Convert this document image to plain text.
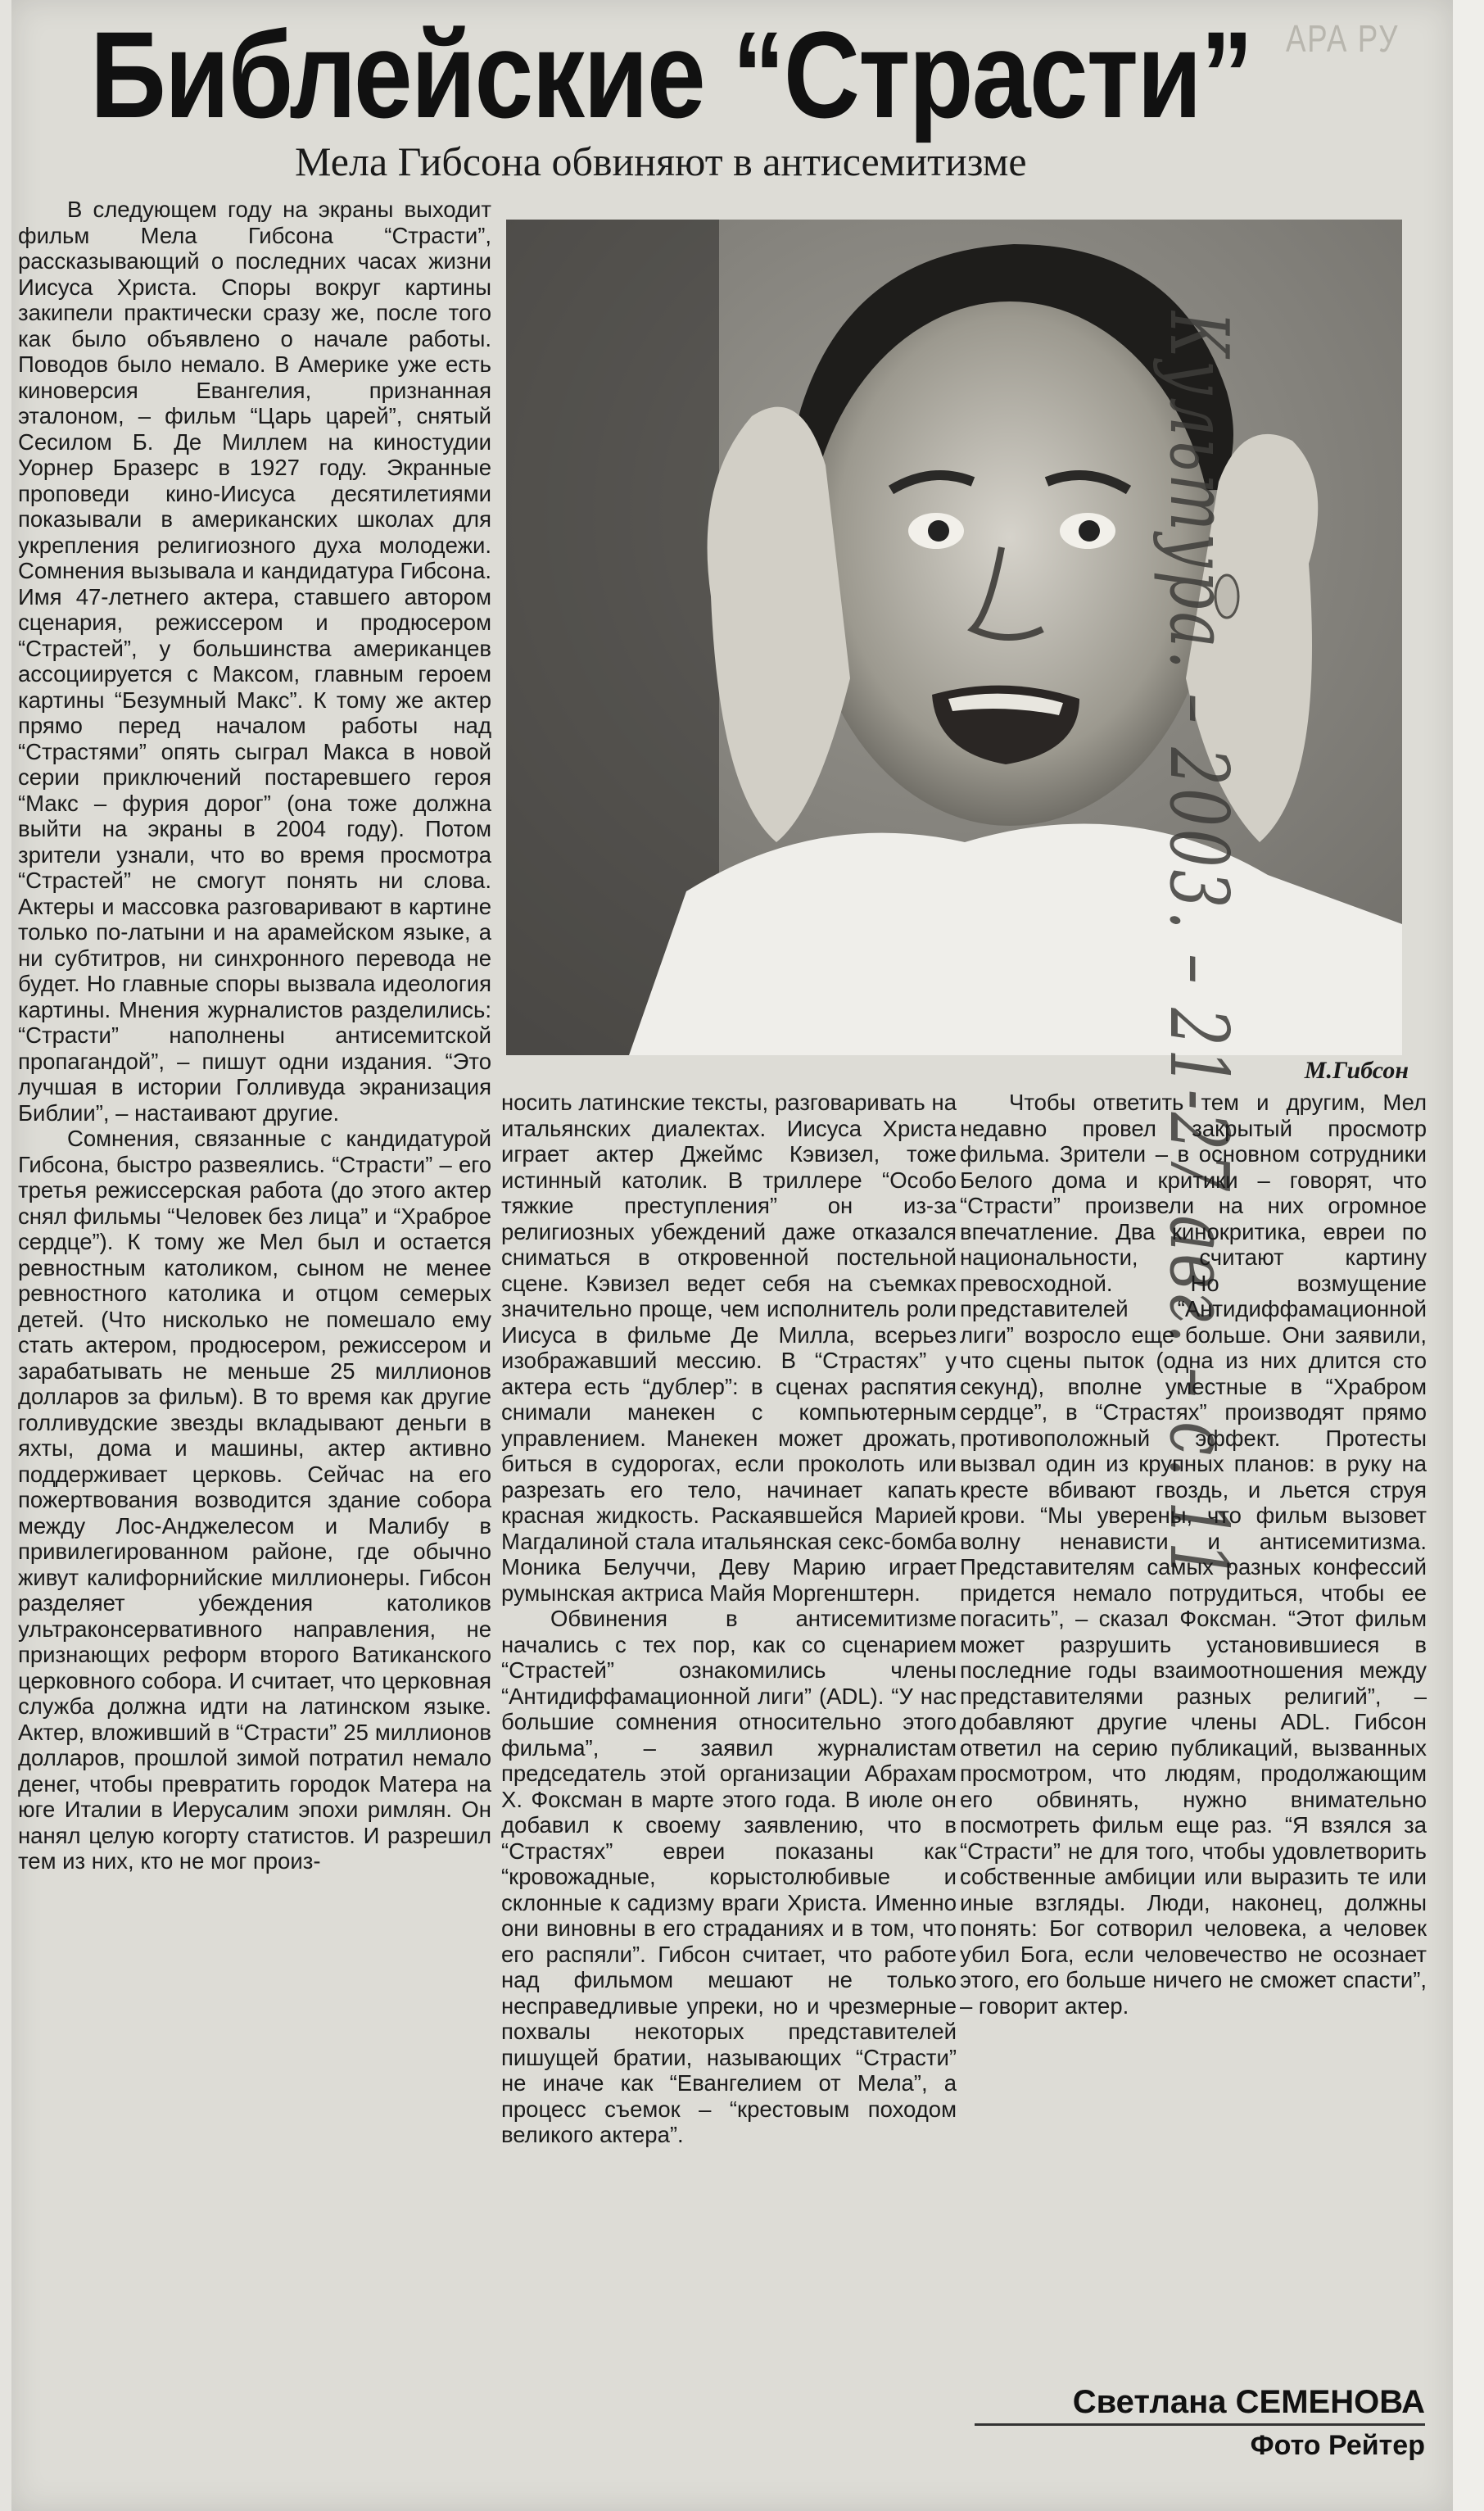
АРА РУ
Библейские “Страсти”
Мела Гибсона обвиняют в антисемитизме

В следующем году на экраны выходит фильм Мела Гибсона “Страсти”, рассказывающий о последних часах жизни Иисуса Христа. Споры вокруг картины закипели практически сразу же, после того как было объявлено о начале работы. Поводов было немало. В Америке уже есть киноверсия Евангелия, признанная эталоном, – фильм “Царь царей”, снятый Сесилом Б. Де Миллем на киностудии Уорнер Бразерс в 1927 году. Экранные проповеди кино-Иисуса десятилетиями показывали в американских школах для укрепления религиозного духа молодежи. Сомнения вызывала и кандидатура Гибсона. Имя 47-летнего актера, ставшего автором сценария, режиссером и продюсером “Страстей”, у большинства американцев ассоциируется с Максом, главным героем картины “Безумный Макс”. К тому же актер прямо перед началом работы над “Страстями” опять сыграл Макса в новой серии приключений постаревшего героя “Макс – фурия дорог” (она тоже должна выйти на экраны в 2004 году). Потом зрители узнали, что во время просмотра “Страстей” не смогут понять ни слова. Актеры и массовка разговаривают в картине только по-латыни и на арамейском языке, а ни субтитров, ни синхронного перевода не будет. Но главные споры вызвала идеология картины. Мнения журналистов разделились: “Страсти” наполнены антисемитской пропагандой”, – пишут одни издания. “Это лучшая в истории Голливуда экранизация Библии”, – настаивают другие.

Сомнения, связанные с кандидатурой Гибсона, быстро развеялись. “Страсти” – его третья режиссерская работа (до этого актер снял фильмы “Человек без лица” и “Храброе сердце”). К тому же Мел был и остается ревностным католиком, сыном не менее ревностного католика и отцом семерых детей. (Что нисколько не помешало ему стать актером, продюсером, режиссером и зарабатывать не меньше 25 миллионов долларов за фильм). В то время как другие голливудские звезды вкладывают деньги в яхты, дома и машины, актер активно поддерживает церковь. Сейчас на его пожертвования возводится здание собора между Лос-Анджелесом и Малибу в привилегированном районе, где обычно живут калифорнийские миллионеры. Гибсон разделяет убеждения католиков ультраконсервативного направления, не признающих реформ второго Ватиканского церковного собора. И считает, что церковная служба должна идти на латинском языке. Актер, вложивший в “Страсти” 25 миллионов долларов, прошлой зимой потратил немало денег, чтобы превратить городок Матера на юге Италии в Иерусалим эпохи римлян. Он нанял целую когорту статистов. И разрешил тем из них, кто не мог произ-

М.Гибсон

носить латинские тексты, разговаривать на итальянских диалектах. Иисуса Христа играет актер Джеймс Кэвизел, тоже истинный католик. В триллере “Особо тяжкие преступления” он из-за религиозных убеждений даже отказался сниматься в откровенной постельной сцене. Кэвизел ведет себя на съемках значительно проще, чем исполнитель роли Иисуса в фильме Де Милла, всерьез изображавший мессию. В “Страстях” у актера есть “дублер”: в сценах распятия снимали манекен с компьютерным управлением. Манекен может дрожать, биться в судорогах, если проколоть или разрезать его тело, начинает капать красная жидкость. Раскаявшейся Марией Магдалиной стала итальянская секс-бомба Моника Белуччи, Деву Марию играет румынская актриса Майя Моргенштерн.

Обвинения в антисемитизме начались с тех пор, как со сценарием “Страстей” ознакомились члены “Антидиффамационной лиги” (ADL). “У нас большие сомнения относительно этого фильма”, – заявил журналистам председатель этой организации Абрахам Х. Фоксман в марте этого года. В июле он добавил к своему заявлению, что в “Страстях” евреи показаны как “кровожадные, корыстолюбивые и склонные к садизму враги Христа. Именно они виновны в его страданиях и в том, что его распяли”. Гибсон считает, что работе над фильмом мешают не только несправедливые упреки, но и чрезмерные похвалы некоторых представителей пишущей братии, называющих “Страсти” не иначе как “Евангелием от Мела”, а процесс съемок – “крестовым походом великого актера”.

Чтобы ответить тем и другим, Мел недавно провел закрытый просмотр фильма. Зрители – в основном сотрудники Белого дома и критики – говорят, что “Страсти” произвели на них огромное впечатление. Два кинокритика, евреи по национальности, считают картину превосходной. Но возмущение представителей “Антидиффамационной лиги” возросло еще больше. Они заявили, что сцены пыток (одна из них длится сто секунд), вполне уместные в “Храбром сердце”, в “Страстях” производят прямо противоположный эффект. Протесты вызвал один из крупных планов: в руку на кресте вбивают гвоздь, и льется струя крови. “Мы уверены, что фильм вызовет волну ненависти и антисемитизма. Представителям самых разных конфессий придется немало потрудиться, чтобы ее погасить”, – сказал Фоксман. “Этот фильм может разрушить установившиеся в последние годы взаимоотношения между представителями разных религий”, – добавляют другие члены ADL. Гибсон ответил на серию публикаций, вызванных просмотром, что людям, продолжающим его обвинять, нужно внимательно посмотреть фильм еще раз. “Я взялся за “Страсти” не для того, чтобы удовлетворить собственные амбиции или выразить те или иные взгляды. Люди, наконец, должны понять: Бог сотворил человека, а человек убил Бога, если человечество не осознает этого, его больше ничего не сможет спасти”, – говорит актер.

Светлана СЕМЕНОВА
Фото Рейтер
